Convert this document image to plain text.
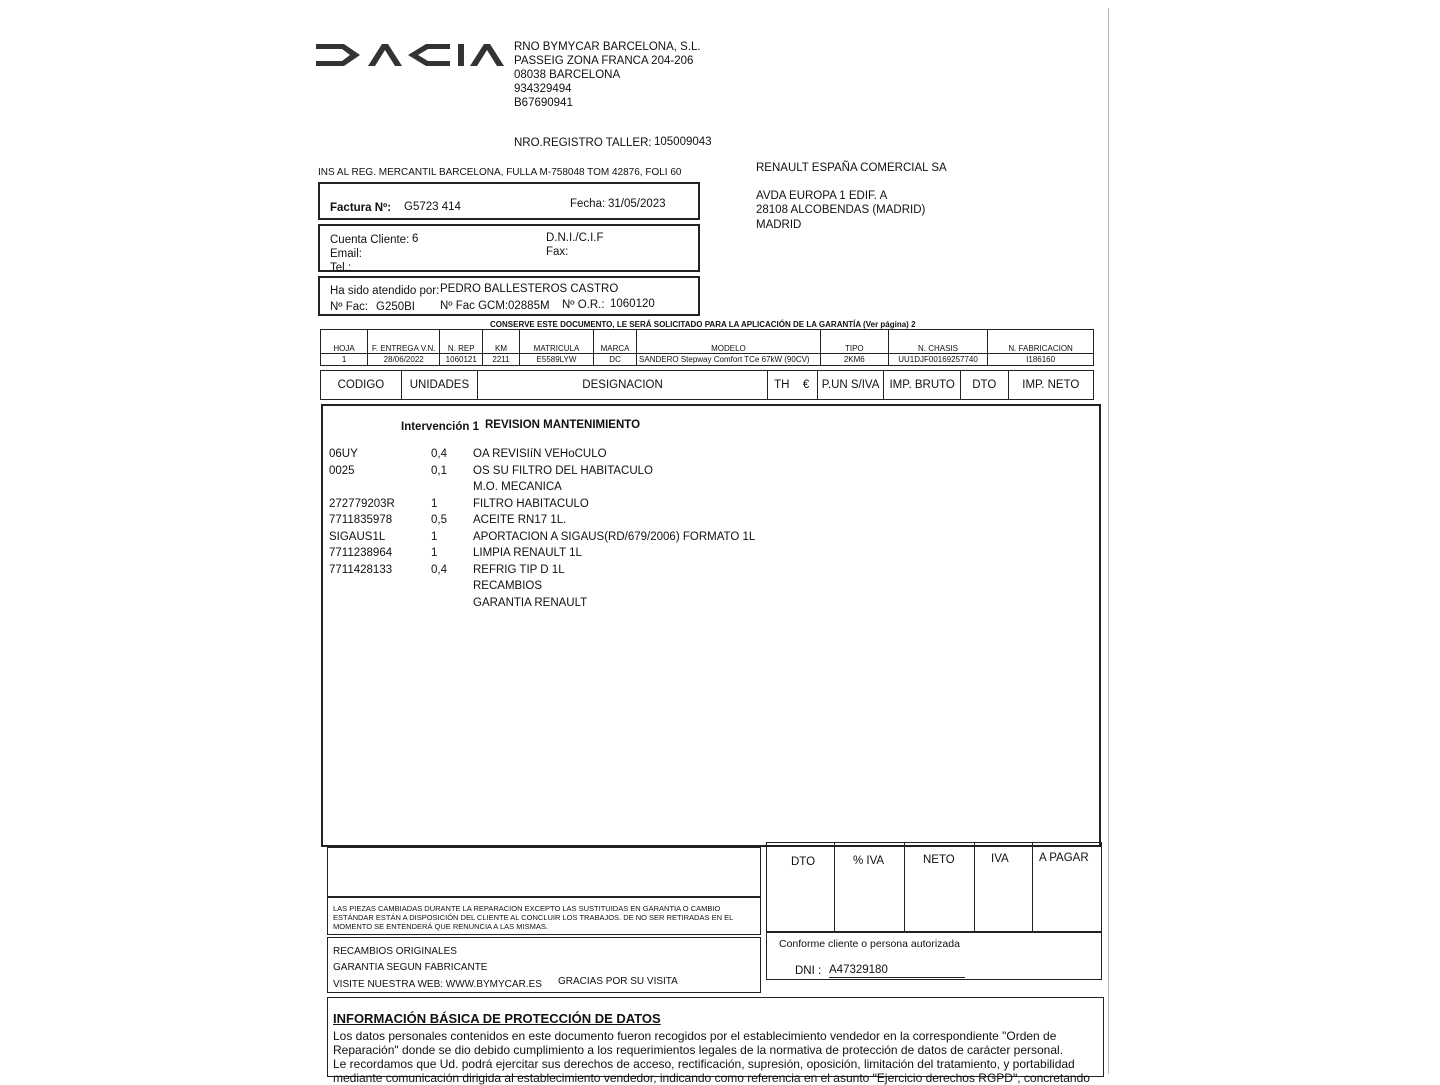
RNO BYMYCAR BARCELONA, S.L.
PASSEIG ZONA FRANCA 204-206
08038 BARCELONA
934329494
B67690941
NRO.REGISTRO TALLER: 105009043
INS AL REG. MERCANTIL BARCELONA, FULLA M-758048 TOM 42876, FOLI 60	RENAULT ESPAÑA COMERCIAL SA
AVDA EUROPA 1 EDIF. A
28108 ALCOBENDAS (MADRID)
MADRID
Factura Nº: G5723 414	Fecha: 31/05/2023
Cuenta Cliente: 6
Email:
Tel.:
D.N.I./C.I.F
Fax:
Ha sido atendido por: PEDRO BALLESTEROS CASTRO
Nº Fac: G250BI Nº Fac GCM: 02885M Nº O.R.: 1060120
CONSERVE ESTE DOCUMENTO, LE SERÁ SOLICITADO PARA LA APLICACIÓN DE LA GARANTÍA (Ver página) 2
HOJA	F. ENTREGA V.N.	N. REP	KM	MATRICULA	MARCA	MODELO	TIPO	N. CHASIS	N. FABRICACION
1	28/06/2022	1060121	2211	E5589LYW	DC	SANDERO Stepway Comfort TCe 67kW (90CV)	2KM6	UU1DJF00169257740	I186160
CODIGO	UNIDADES	DESIGNACION	TH	€	P.UN S/IVA	IMP. BRUTO	DTO	IMP. NETO
Intervención 1 REVISION MANTENIMIENTO
06UY	0,4 OA REVISIíN VEHoCULO
0025	0,1 OS SU FILTRO DEL HABITACULO
M.O. MECANICA
272779203R	1	FILTRO HABITACULO
7711835978	0,5 ACEITE RN17 1L.
SIGAUS1L	1	APORTACION A SIGAUS(RD/679/2006) FORMATO 1L
7711238964	1	LIMPIA RENAULT 1L
7711428133	0,4 REFRIG TIP D 1L
RECAMBIOS
GARANTIA RENAULT
LAS PIEZAS CAMBIADAS DURANTE LA REPARACION EXCEPTO LAS SUSTITUIDAS EN GARANTIA O CAMBIO ESTÁNDAR ESTÁN A DISPOSICIÓN DEL CLIENTE AL CONCLUIR LOS TRABAJOS. DE NO SER RETIRADAS EN EL MOMENTO SE ENTENDERÁ QUE RENUNCIA A LAS MISMAS.
RECAMBIOS ORIGINALES
GARANTIA SEGUN FABRICANTE
VISITE NUESTRA WEB: WWW.BYMYCAR.ES GRACIAS POR SU VISITA
DTO	% IVA	NETO	IVA	A PAGAR
Conforme cliente o persona autorizada
DNI : A47329180
INFORMACIÓN BÁSICA DE PROTECCIÓN DE DATOS
Los datos personales contenidos en este documento fueron recogidos por el establecimiento vendedor en la correspondiente "Orden de
Reparación" donde se dio debido cumplimiento a los requerimientos legales de la normativa de protección de datos de carácter personal.
Le recordamos que Ud. podrá ejercitar sus derechos de acceso, rectificación, supresión, oposición, limitación del tratamiento, y portabilidad
mediante comunicación dirigida al establecimiento vendedor, indicando como referencia en el asunto "Ejercicio derechos RGPD", concretando
